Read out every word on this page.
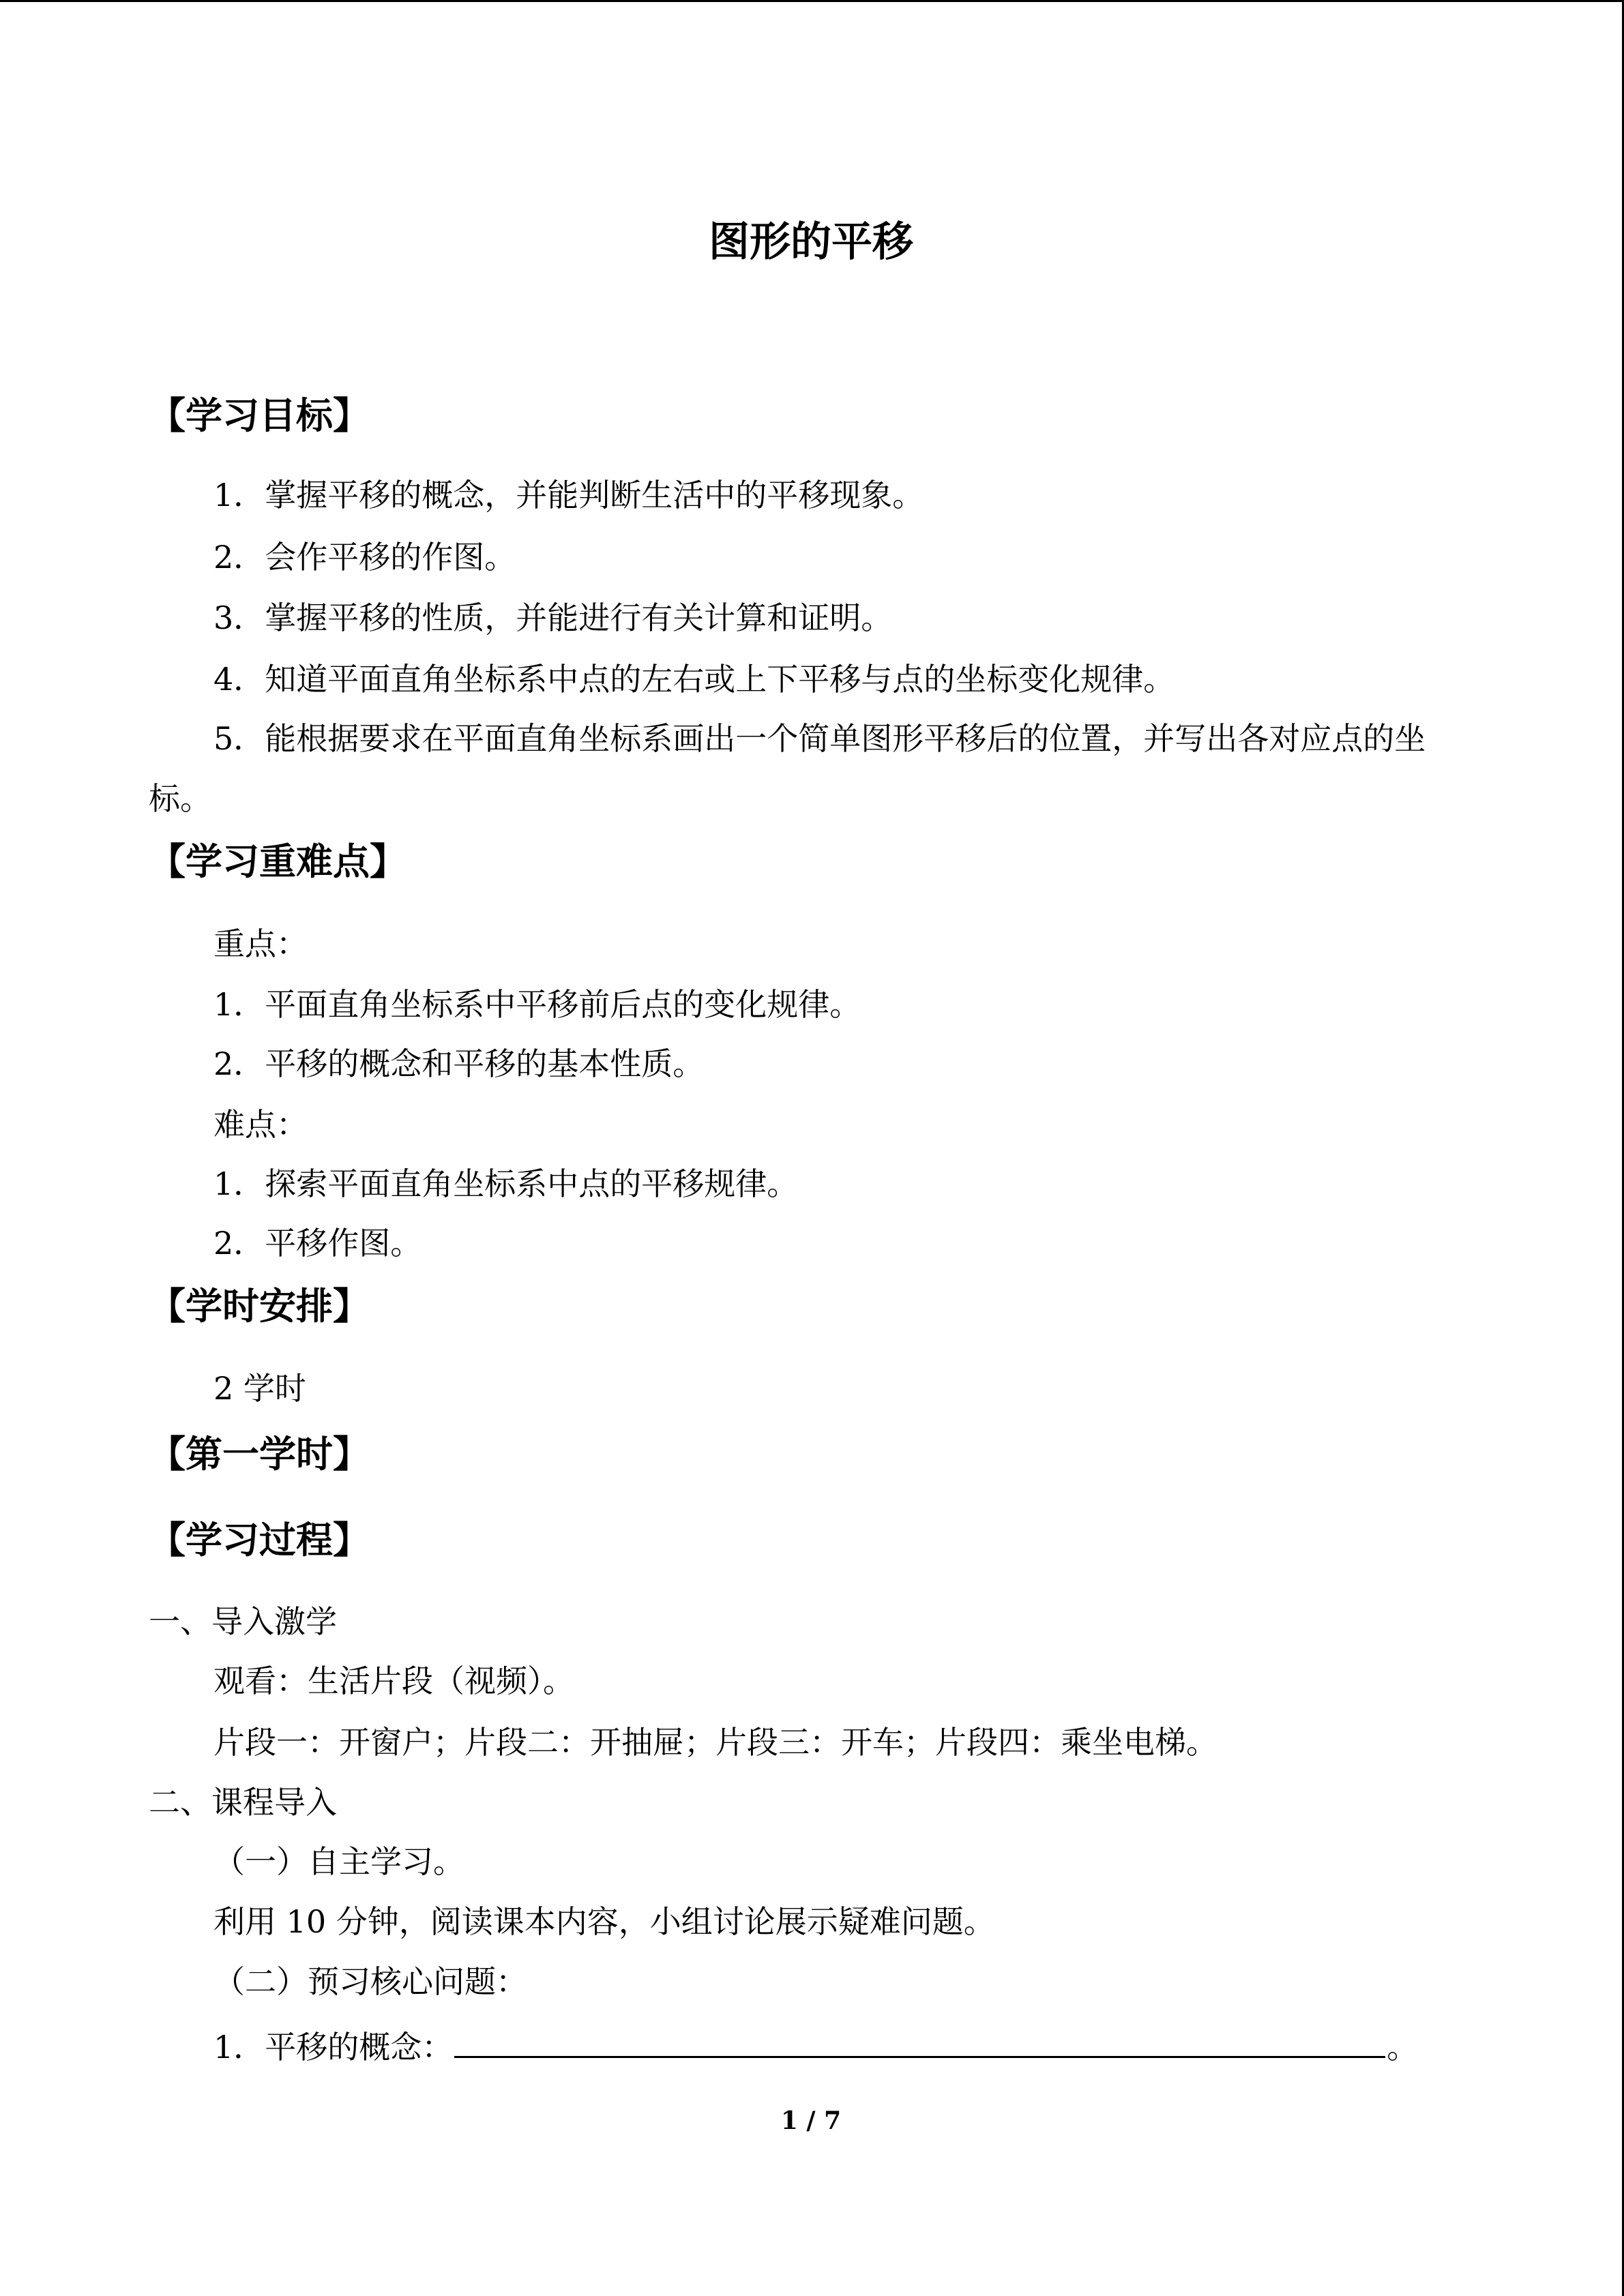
图形的平移
【学习目标】
1．掌握平移的概念，并能判断生活中的平移现象。
2．会作平移的作图。
3．掌握平移的性质，并能进行有关计算和证明。
4．知道平面直角坐标系中点的左右或上下平移与点的坐标变化规律。
5．能根据要求在平面直角坐标系画出一个简单图形平移后的位置，并写出各对应点的坐
标。
【学习重难点】
重点：
1．平面直角坐标系中平移前后点的变化规律。
2．平移的概念和平移的基本性质。
难点：
1．探索平面直角坐标系中点的平移规律。
2．平移作图。
【学时安排】
2 学时
【第一学时】
【学习过程】
一、导入激学
观看：生活片段（视频）。
片段一：开窗户；片段二：开抽屉；片段三：开车；片段四：乘坐电梯。
二、课程导入
（一）自主学习。
利用 10 分钟，阅读课本内容，小组讨论展示疑难问题。
（二）预习核心问题：
1．平移的概念：	。
1 / 7
